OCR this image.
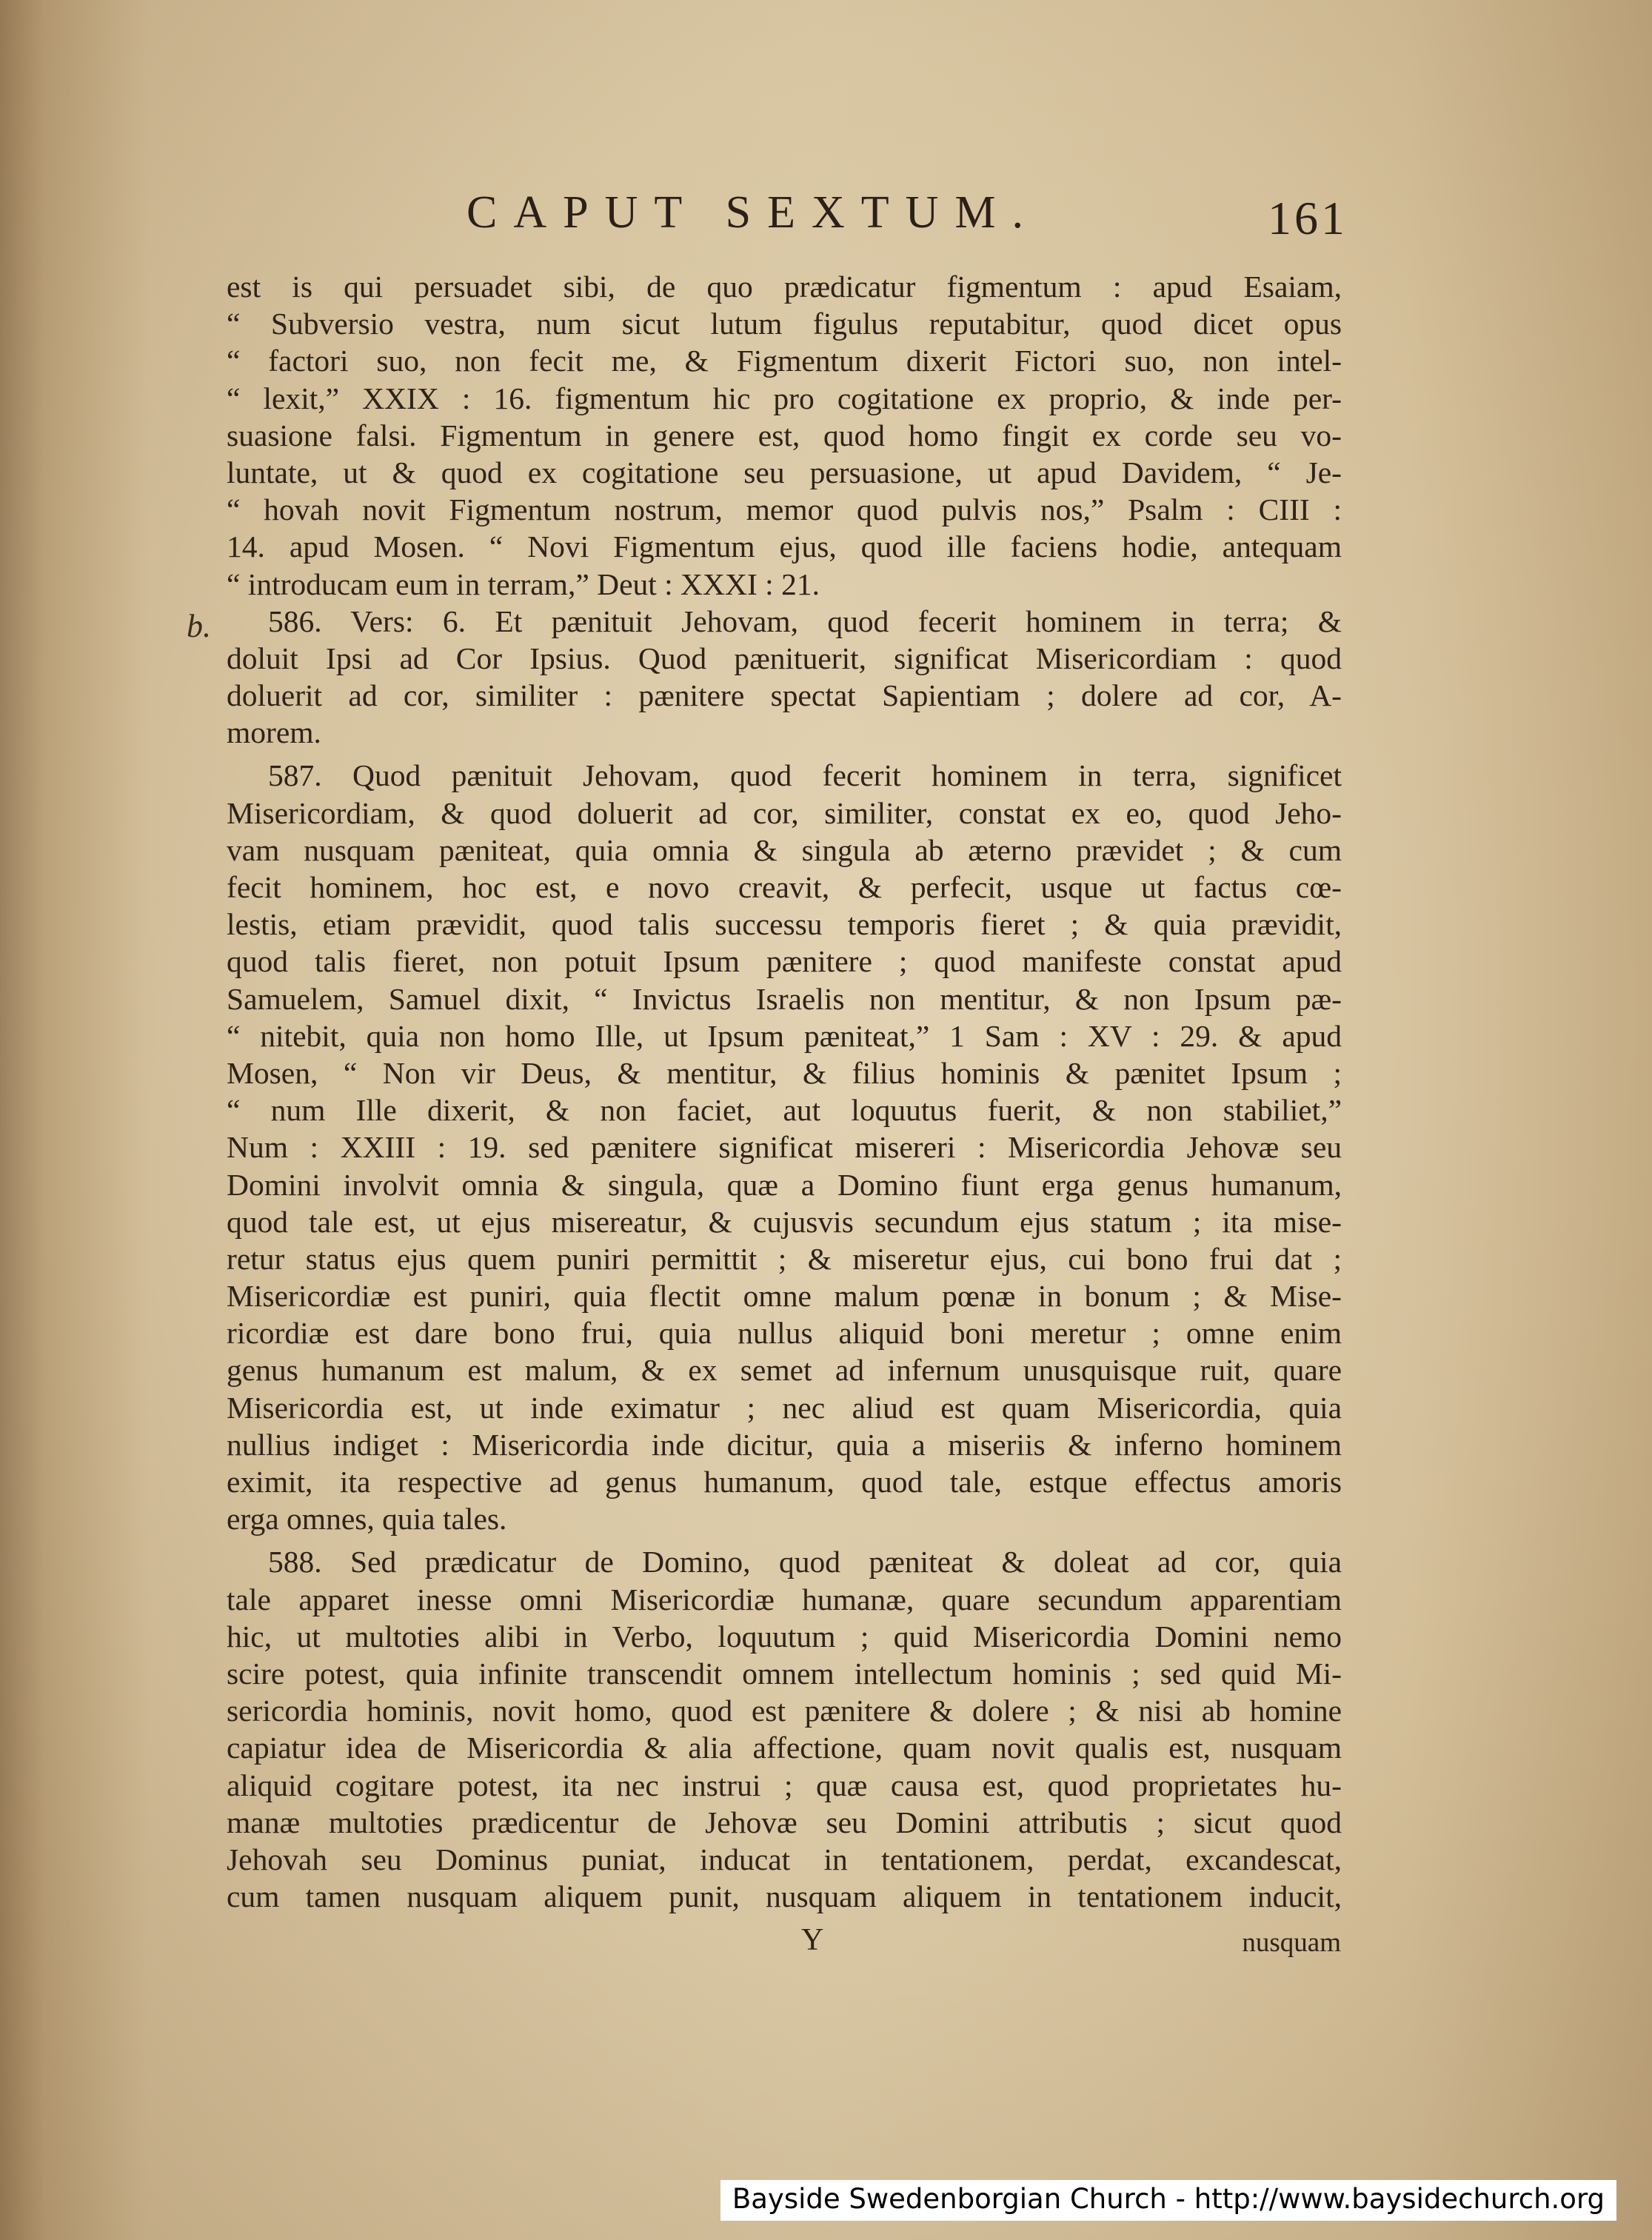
CAPUT SEXTUM.	161
b.
est is qui persuadet sibi, de quo prædicatur figmentum : apud Esaiam,
“ Subversio vestra, num sicut lutum figulus reputabitur, quod dicet opus
“ factori suo, non fecit me, & Figmentum dixerit Fictori suo, non intel-
“ lexit,” XXIX : 16. figmentum hic pro cogitatione ex proprio, & inde per-
suasione falsi. Figmentum in genere est, quod homo fingit ex corde seu vo-
luntate, ut & quod ex cogitatione seu persuasione, ut apud Davidem, “ Je-
“ hovah novit Figmentum nostrum, memor quod pulvis nos,” Psalm : CIII :
14. apud Mosen. “ Novi Figmentum ejus, quod ille faciens hodie, antequam
“ introducam eum in terram,” Deut : XXXI : 21.
586. Vers: 6. Et pænituit Jehovam, quod fecerit hominem in terra; &
doluit Ipsi ad Cor Ipsius. Quod pænituerit, significat Misericordiam : quod
doluerit ad cor, similiter : pænitere spectat Sapientiam ; dolere ad cor, A-
morem.
587. Quod pænituit Jehovam, quod fecerit hominem in terra, significet
Misericordiam, & quod doluerit ad cor, similiter, constat ex eo, quod Jeho-
vam nusquam pæniteat, quia omnia & singula ab æterno prævidet ; & cum
fecit hominem, hoc est, e novo creavit, & perfecit, usque ut factus cœ-
lestis, etiam prævidit, quod talis successu temporis fieret ; & quia prævidit,
quod talis fieret, non potuit Ipsum pænitere ; quod manifeste constat apud
Samuelem, Samuel dixit, “ Invictus Israelis non mentitur, & non Ipsum pæ-
“ nitebit, quia non homo Ille, ut Ipsum pæniteat,” 1 Sam : XV : 29. & apud
Mosen, “ Non vir Deus, & mentitur, & filius hominis & pænitet Ipsum ;
“ num Ille dixerit, & non faciet, aut loquutus fuerit, & non stabiliet,”
Num : XXIII : 19. sed pænitere significat misereri : Misericordia Jehovæ seu
Domini involvit omnia & singula, quæ a Domino fiunt erga genus humanum,
quod tale est, ut ejus misereatur, & cujusvis secundum ejus statum ; ita mise-
retur status ejus quem puniri permittit ; & miseretur ejus, cui bono frui dat ;
Misericordiæ est puniri, quia flectit omne malum pœnæ in bonum ; & Mise-
ricordiæ est dare bono frui, quia nullus aliquid boni meretur ; omne enim
genus humanum est malum, & ex semet ad infernum unusquisque ruit, quare
Misericordia est, ut inde eximatur ; nec aliud est quam Misericordia, quia
nullius indiget : Misericordia inde dicitur, quia a miseriis & inferno hominem
eximit, ita respective ad genus humanum, quod tale, estque effectus amoris
erga omnes, quia tales.
588. Sed prædicatur de Domino, quod pæniteat & doleat ad cor, quia
tale apparet inesse omni Misericordiæ humanæ, quare secundum apparentiam
hic, ut multoties alibi in Verbo, loquutum ; quid Misericordia Domini nemo
scire potest, quia infinite transcendit omnem intellectum hominis ; sed quid Mi-
sericordia hominis, novit homo, quod est pænitere & dolere ; & nisi ab homine
capiatur idea de Misericordia & alia affectione, quam novit qualis est, nusquam
aliquid cogitare potest, ita nec instrui ; quæ causa est, quod proprietates hu-
manæ multoties prædicentur de Jehovæ seu Domini attributis ; sicut quod
Jehovah seu Dominus puniat, inducat in tentationem, perdat, excandescat,
cum tamen nusquam aliquem punit, nusquam aliquem in tentationem inducit,
Y	nusquam
Bayside Swedenborgian Church - http://www.baysidechurch.org
